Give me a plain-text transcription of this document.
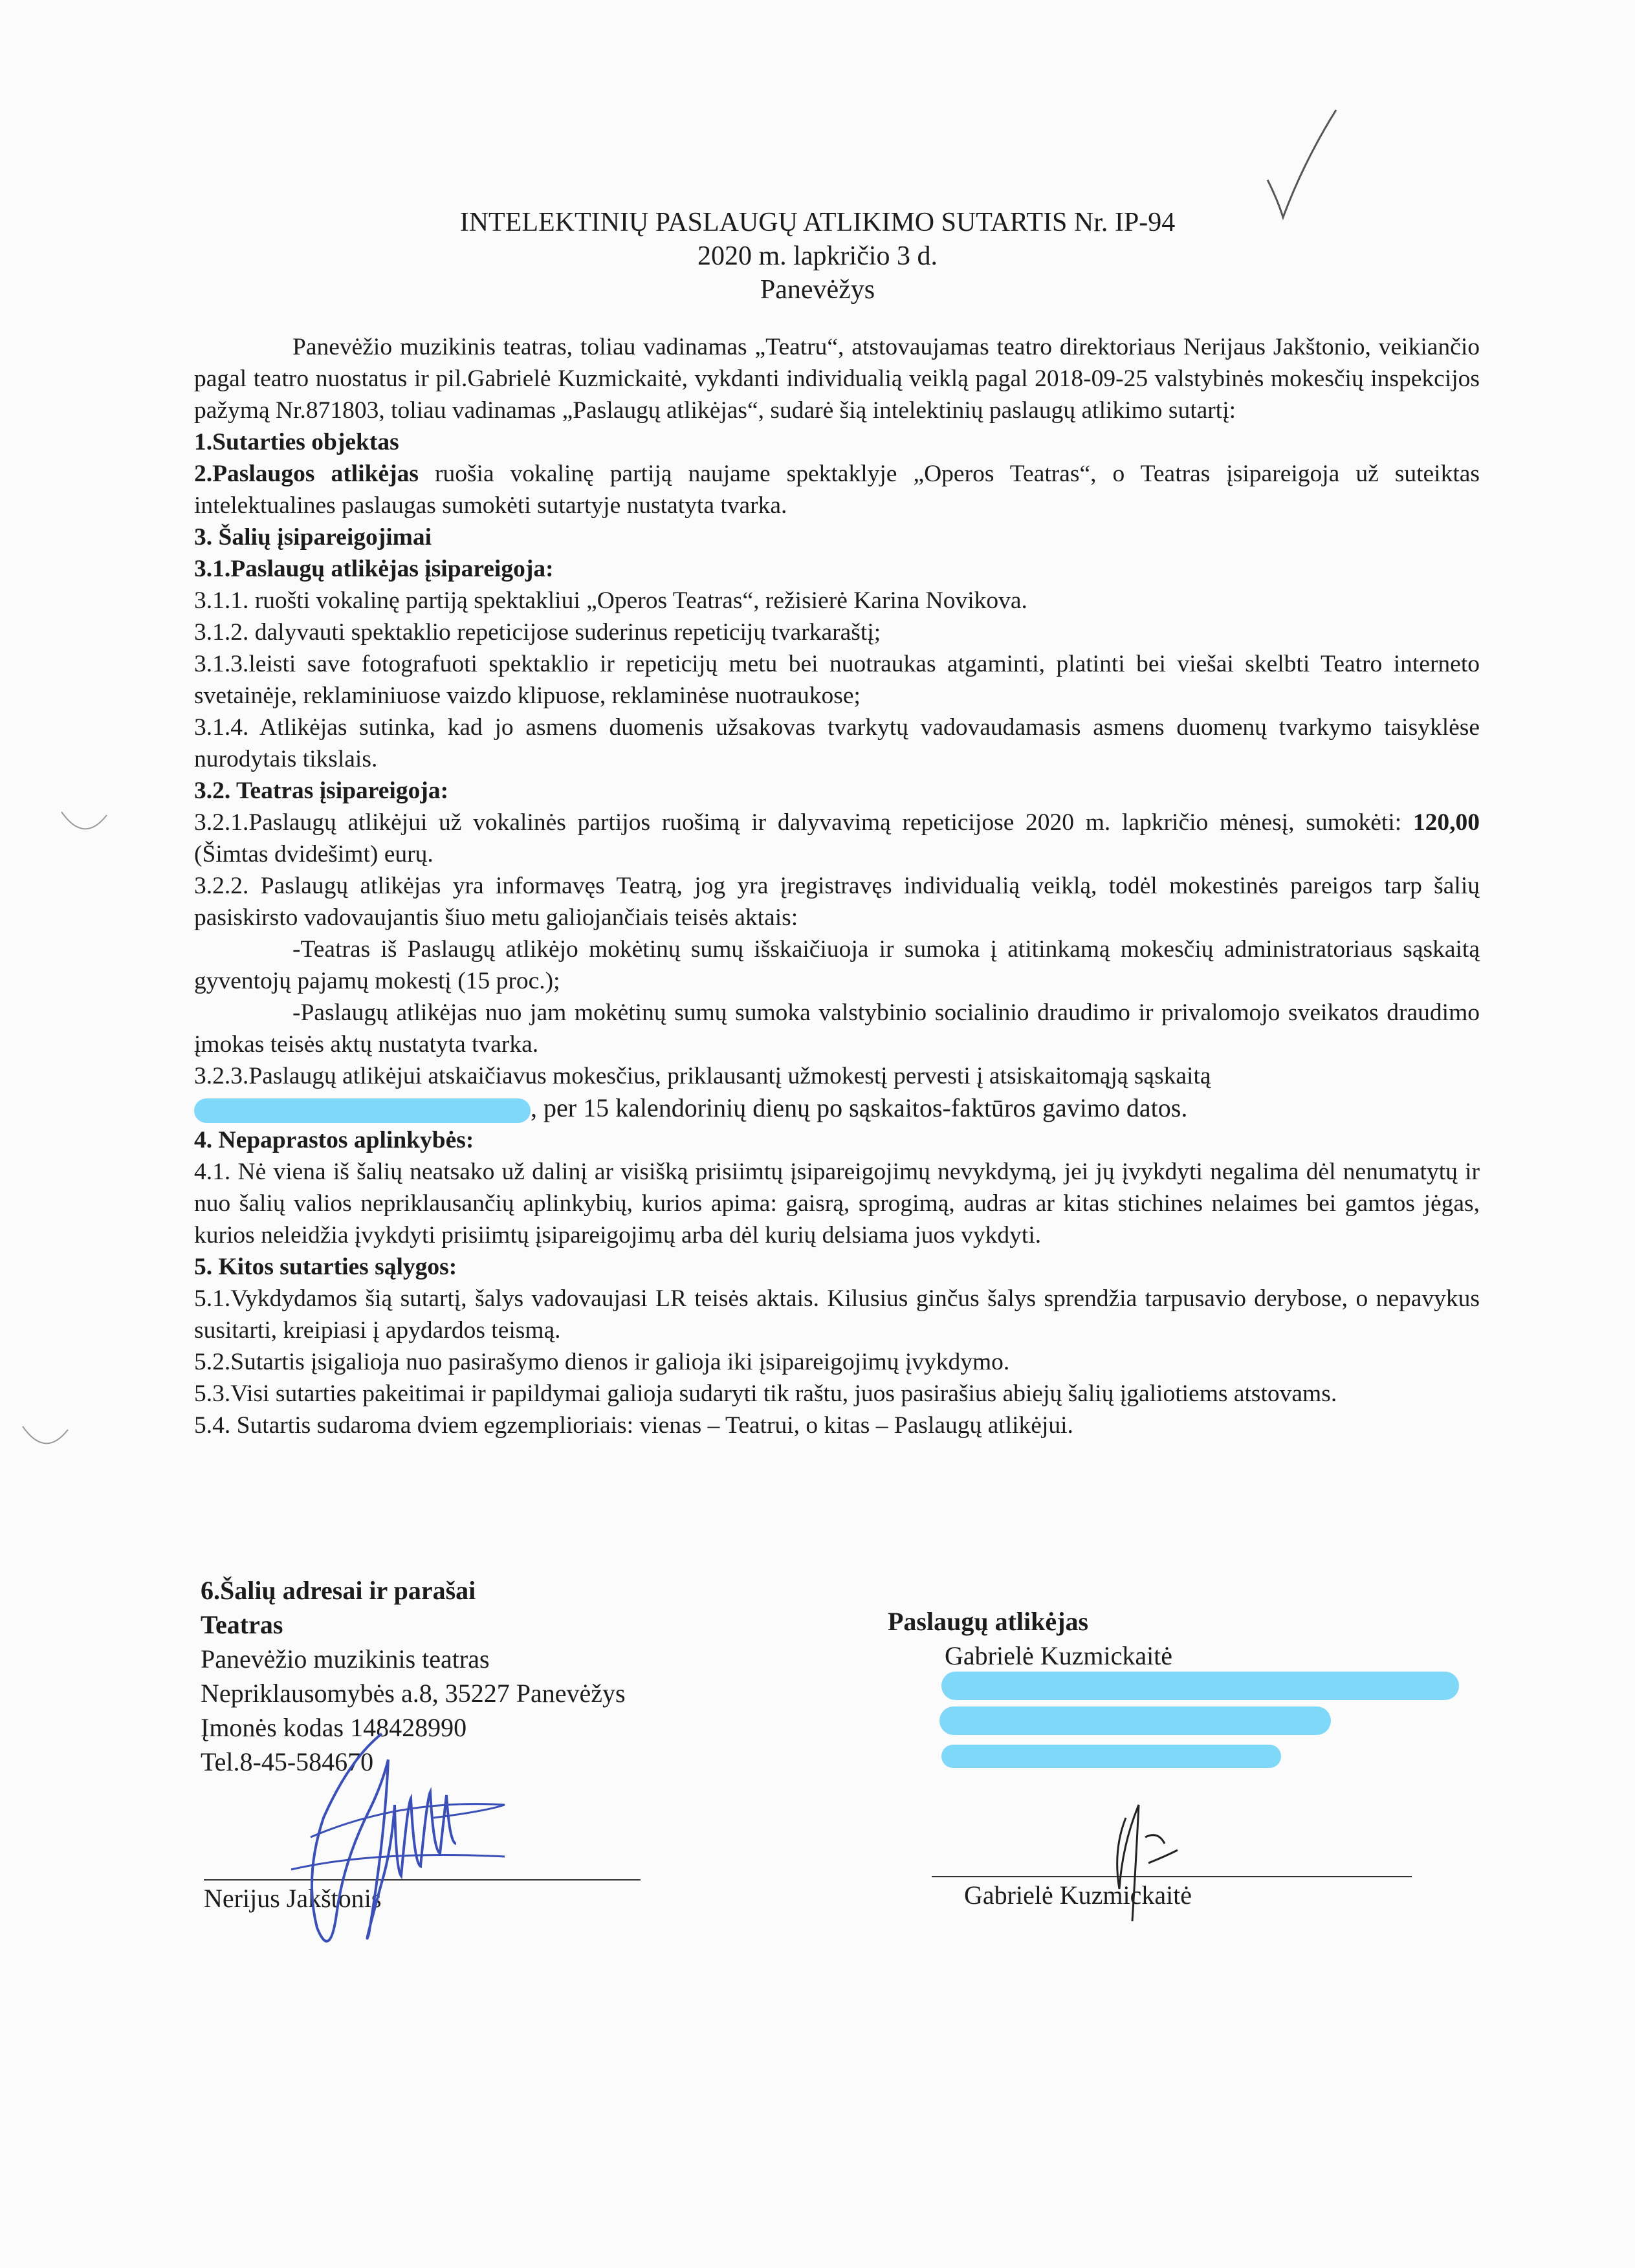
INTELEKTINIŲ PASLAUGŲ ATLIKIMO SUTARTIS Nr. IP-94
2020 m. lapkričio 3 d.
Panevėžys

Panevėžio muzikinis teatras, toliau vadinamas „Teatru“, atstovaujamas teatro direktoriaus Nerijaus Jakštonio, veikiančio pagal teatro nuostatus ir pil.Gabrielė Kuzmickaitė, vykdanti individualią veiklą pagal 2018-09-25 valstybinės mokesčių inspekcijos pažymą Nr.871803, toliau vadinamas „Paslaugų atlikėjas“, sudarė šią intelektinių paslaugų atlikimo sutartį:

1.Sutarties objektas

2.Paslaugos atlikėjas ruošia vokalinę partiją naujame spektaklyje „Operos Teatras“, o Teatras įsipareigoja už suteiktas intelektualines paslaugas sumokėti sutartyje nustatyta tvarka.

3. Šalių įsipareigojimai

3.1.Paslaugų atlikėjas įsipareigoja:

3.1.1. ruošti vokalinę partiją spektakliui „Operos Teatras“, režisierė Karina Novikova.

3.1.2. dalyvauti spektaklio repeticijose suderinus repeticijų tvarkaraštį;

3.1.3.leisti save fotografuoti spektaklio ir repeticijų metu bei nuotraukas atgaminti, platinti bei viešai skelbti Teatro interneto svetainėje, reklaminiuose vaizdo klipuose, reklaminėse nuotraukose;

3.1.4. Atlikėjas sutinka, kad jo asmens duomenis užsakovas tvarkytų vadovaudamasis asmens duomenų tvarkymo taisyklėse nurodytais tikslais.

3.2. Teatras įsipareigoja:

3.2.1.Paslaugų atlikėjui už vokalinės partijos ruošimą ir dalyvavimą repeticijose 2020 m. lapkričio mėnesį, sumokėti: 120,00 (Šimtas dvidešimt) eurų.

3.2.2. Paslaugų atlikėjas yra informavęs Teatrą, jog yra įregistravęs individualią veiklą, todėl mokestinės pareigos tarp šalių pasiskirsto vadovaujantis šiuo metu galiojančiais teisės aktais:

-Teatras iš Paslaugų atlikėjo mokėtinų sumų išskaičiuoja ir sumoka į atitinkamą mokesčių administratoriaus sąskaitą gyventojų pajamų mokestį (15 proc.);

-Paslaugų atlikėjas nuo jam mokėtinų sumų sumoka valstybinio socialinio draudimo ir privalomojo sveikatos draudimo įmokas teisės aktų nustatyta tvarka.

3.2.3.Paslaugų atlikėjui atskaičiavus mokesčius, priklausantį užmokestį pervesti į atsiskaitomąją sąskaitą

, per 15 kalendorinių dienų po sąskaitos-faktūros gavimo datos.

4. Nepaprastos aplinkybės:

4.1. Nė viena iš šalių neatsako už dalinį ar visišką prisiimtų įsipareigojimų nevykdymą, jei jų įvykdyti negalima dėl nenumatytų ir nuo šalių valios nepriklausančių aplinkybių, kurios apima: gaisrą, sprogimą, audras ar kitas stichines nelaimes bei gamtos jėgas, kurios neleidžia įvykdyti prisiimtų įsipareigojimų arba dėl kurių delsiama juos vykdyti.

5. Kitos sutarties sąlygos:

5.1.Vykdydamos šią sutartį, šalys vadovaujasi LR teisės aktais. Kilusius ginčus šalys sprendžia tarpusavio derybose, o nepavykus susitarti, kreipiasi į apydardos teismą.

5.2.Sutartis įsigalioja nuo pasirašymo dienos ir galioja iki įsipareigojimų įvykdymo.

5.3.Visi sutarties pakeitimai ir papildymai galioja sudaryti tik raštu, juos pasirašius abiejų šalių įgaliotiems atstovams.

5.4. Sutartis sudaroma dviem egzemplioriais: vienas – Teatrui, o kitas – Paslaugų atlikėjui.

6.Šalių adresai ir parašai
Teatras
Panevėžio muzikinis teatras
Nepriklausomybės a.8, 35227 Panevėžys
Įmonės kodas 148428990
Tel.8-45-584670
Paslaugų atlikėjas
Gabrielė Kuzmickaitė
Nerijus Jakštonis	Gabrielė Kuzmickaitė
